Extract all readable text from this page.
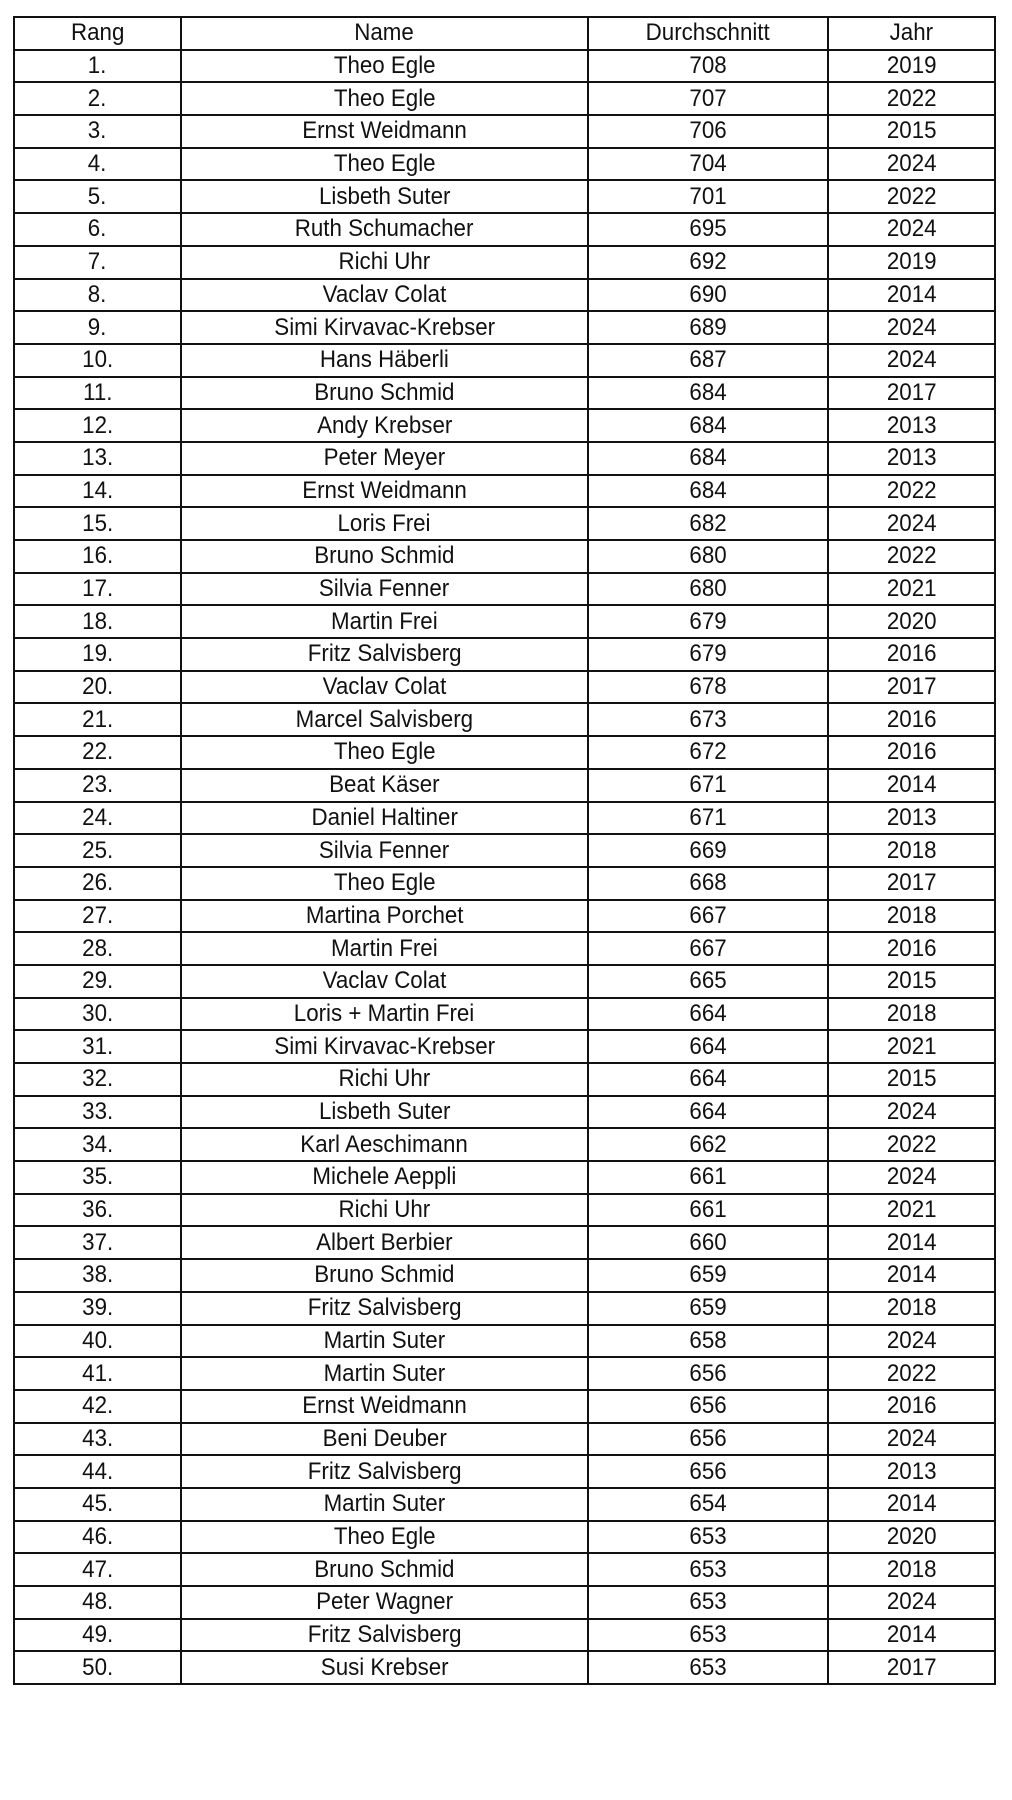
Rang	Name	Durchschnitt	Jahr
1.	Theo Egle	708	2019
2.	Theo Egle	707	2022
3.	Ernst Weidmann	706	2015
4.	Theo Egle	704	2024
5.	Lisbeth Suter	701	2022
6.	Ruth Schumacher	695	2024
7.	Richi Uhr	692	2019
8.	Vaclav Colat	690	2014
9.	Simi Kirvavac-Krebser	689	2024
10.	Hans Häberli	687	2024
11.	Bruno Schmid	684	2017
12.	Andy Krebser	684	2013
13.	Peter Meyer	684	2013
14.	Ernst Weidmann	684	2022
15.	Loris Frei	682	2024
16.	Bruno Schmid	680	2022
17.	Silvia Fenner	680	2021
18.	Martin Frei	679	2020
19.	Fritz Salvisberg	679	2016
20.	Vaclav Colat	678	2017
21.	Marcel Salvisberg	673	2016
22.	Theo Egle	672	2016
23.	Beat Käser	671	2014
24.	Daniel Haltiner	671	2013
25.	Silvia Fenner	669	2018
26.	Theo Egle	668	2017
27.	Martina Porchet	667	2018
28.	Martin Frei	667	2016
29.	Vaclav Colat	665	2015
30.	Loris + Martin Frei	664	2018
31.	Simi Kirvavac-Krebser	664	2021
32.	Richi Uhr	664	2015
33.	Lisbeth Suter	664	2024
34.	Karl Aeschimann	662	2022
35.	Michele Aeppli	661	2024
36.	Richi Uhr	661	2021
37.	Albert Berbier	660	2014
38.	Bruno Schmid	659	2014
39.	Fritz Salvisberg	659	2018
40.	Martin Suter	658	2024
41.	Martin Suter	656	2022
42.	Ernst Weidmann	656	2016
43.	Beni Deuber	656	2024
44.	Fritz Salvisberg	656	2013
45.	Martin Suter	654	2014
46.	Theo Egle	653	2020
47.	Bruno Schmid	653	2018
48.	Peter Wagner	653	2024
49.	Fritz Salvisberg	653	2014
50.	Susi Krebser	653	2017
